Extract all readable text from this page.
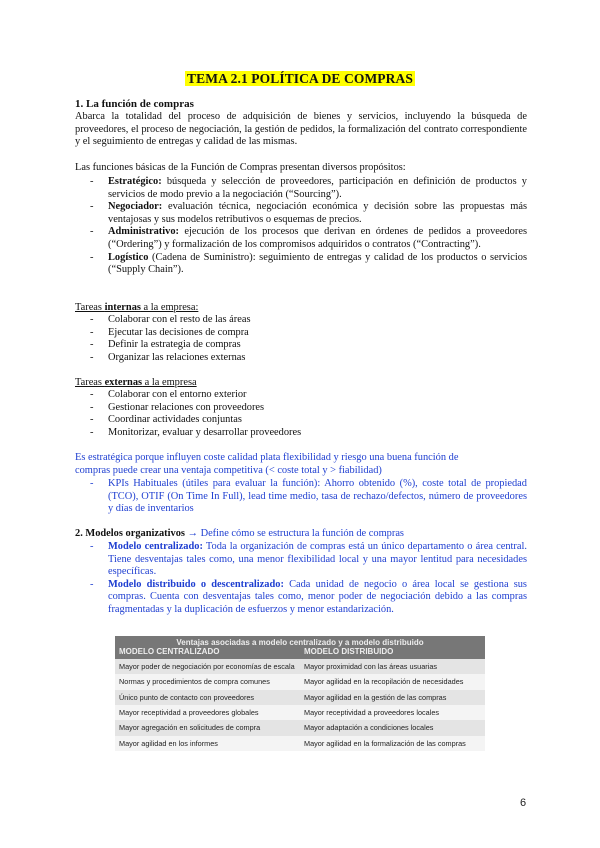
TEMA 2.1 POLÍTICA DE COMPRAS
1. La función de compras
Abarca la totalidad del proceso de adquisición de bienes y servicios, incluyendo la búsqueda de proveedores, el proceso de negociación, la gestión de pedidos, la formalización del contrato correspondiente y el seguimiento de entregas y calidad de las mismas.
Las funciones básicas de la Función de Compras presentan diversos propósitos:
- Estratégico: búsqueda y selección de proveedores, participación en definición de productos y servicios de modo previo a la negociación (“Sourcing”).
- Negociador: evaluación técnica, negociación económica y decisión sobre las propuestas más ventajosas y sus modelos retributivos o esquemas de precios.
- Administrativo: ejecución de los procesos que derivan en órdenes de pedidos a proveedores (“Ordering”) y formalización de los compromisos adquiridos o contratos (“Contracting”).
- Logístico (Cadena de Suministro): seguimiento de entregas y calidad de los productos o servicios (“Supply Chain”).
Tareas internas a la empresa:
- Colaborar con el resto de las áreas
- Ejecutar las decisiones de compra
- Definir la estrategia de compras
- Organizar las relaciones externas
Tareas externas a la empresa
- Colaborar con el entorno exterior
- Gestionar relaciones con proveedores
- Coordinar actividades conjuntas
- Monitorizar, evaluar y desarrollar proveedores
Es estratégica porque influyen coste calidad plata flexibilidad y riesgo una buena función de
compras puede crear una ventaja competitiva (< coste total y > fiabilidad)
- KPIs Habituales (útiles para evaluar la función): Ahorro obtenido (%), coste total de propiedad (TCO), OTIF (On Time In Full), lead time medio, tasa de rechazo/defectos, número de proveedores y días de inventarios
2. Modelos organizativos → Define cómo se estructura la función de compras
- Modelo centralizado: Toda la organización de compras está un único departamento o área central. Tiene desventajas tales como, una menor flexibilidad local y una mayor lentitud para necesidades específicas.
- Modelo distribuido o descentralizado: Cada unidad de negocio o área local se gestiona sus compras. Cuenta con desventajas tales como, menor poder de negociación debido a las compras fragmentadas y la duplicación de esfuerzos y menor estandarización.
Ventajas asociadas a modelo centralizado y a modelo distribuido	
MODELO CENTRALIZADO	MODELO DISTRIBUIDO
Mayor poder de negociación por economías de escala	Mayor proximidad con las áreas usuarias
Normas y procedimientos de compra comunes	Mayor agilidad en la recopilación de necesidades
Único punto de contacto con proveedores	Mayor agilidad en la gestión de las compras
Mayor receptividad a proveedores globales	Mayor receptividad a proveedores locales
Mayor agregación en solicitudes de compra	Mayor adaptación a condiciones locales
Mayor agilidad en los informes	Mayor agilidad en la formalización de las compras
6
